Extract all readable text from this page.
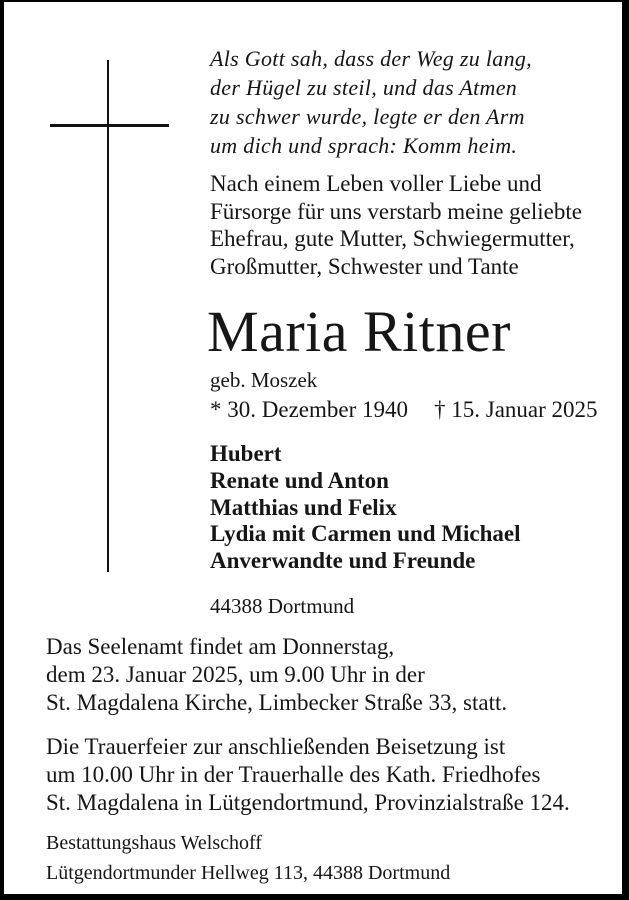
Als Gott sah, dass der Weg zu lang,
der Hügel zu steil, und das Atmen
zu schwer wurde, legte er den Arm
um dich und sprach: Komm heim.
Nach einem Leben voller Liebe und
Fürsorge für uns verstarb meine geliebte
Ehefrau, gute Mutter, Schwiegermutter,
Großmutter, Schwester und Tante
Maria Ritner
geb. Moszek
* 30. Dezember 1940 † 15. Januar 2025
Hubert
Renate und Anton
Matthias und Felix
Lydia mit Carmen und Michael
Anverwandte und Freunde
44388 Dortmund
Das Seelenamt findet am Donnerstag,
dem 23. Januar 2025, um 9.00 Uhr in der
St. Magdalena Kirche, Limbecker Straße 33, statt.
Die Trauerfeier zur anschließenden Beisetzung ist
um 10.00 Uhr in der Trauerhalle des Kath. Friedhofes
St. Magdalena in Lütgendortmund, Provinzialstraße 124.
Bestattungshaus Welschoff
Lütgendortmunder Hellweg 113, 44388 Dortmund
